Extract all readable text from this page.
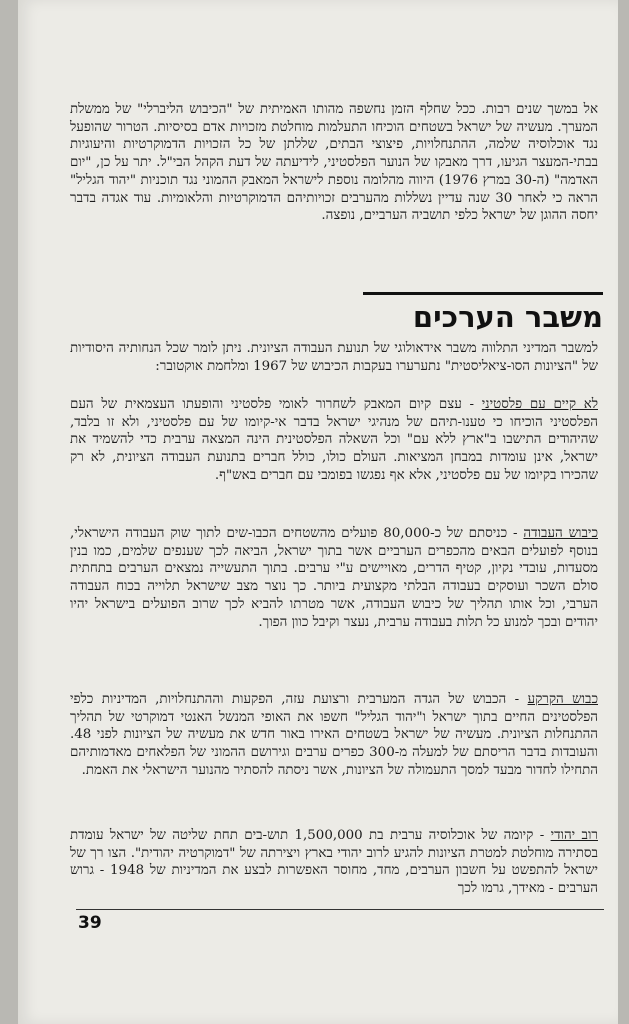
אל במשך שנים רבות. ככל שחלף הזמן נחשפה מהותו האמיתית של "הכיבוש הליברלי" של ממשלת המערך. מעשיה של ישראל בשטחים הוכיחו התעלמות מוחלטת מזכויות אדם בסיסיות. הטרור שהופעל נגד אוכלוסיה שלמה, ההתנחלויות, פיצוצי הבתים, שללתן של כל הזכויות הדמוקרטיות והיעוגיות בבתי-המעצר הגיעו, דרך מאבקו של הנוער הפלסטיני, לידיעתה של דעת הקהל הבי"ל. יתר על כן, "יום האדמה" (ה-30 במרץ 1976) היווה מהלומה נוספת לישראל המאבק ההמוני נגד תוכניות "יהוד הגליל" הראה כי לאחר 30 שנה עדיין נשללות מהערבים זכויותיהם הדמוקרטיות והלאומיות. עוד אגדה בדבר יחסה ההוגן של ישראל כלפי תושביה הערביים, נופצה.

משבר הערכים

למשבר המדיני התלווה משבר אידאולוגי של תנועת העבודה הציונית. ניתן לומר שכל הנחותיה היסודיות של "הציונות הסו-ציאליסטית" נתערערו בעקבות הכיבוש של 1967 ומלחמת אוקטובר:

לא קיים עם פלסטיני - עצם קיום המאבק לשחרור לאומי פלסטיני והופעתו העצמאית של העם הפלסטיני הוכיחו כי טענו-תיהם של מנהיגי ישראל בדבר אי-קיומו של עם פלסטיני, ולא זו בלבד, שהיהודים התישבו ב"ארץ ללא עם" וכל השאלה הפלסטינית הינה המצאה ערבית כדי להשמיד את ישראל, אינן עומדות במבחן המציאות. העולם כולו, כולל חברים בתנועת העבודה הציונית, לא רק שהכירו בקיומו של עם פלסטיני, אלא אף נפגשו בפומבי עם חברים באש"ף.

כיבוש העבודה - כניסתם של כ-80,000 פועלים מהשטחים הכבו-שים לתוך שוק העבודה הישראלי, בנוסף לפועלים הבאים מהכפרים הערביים אשר בתוך ישראל, הביאה לכך שענפים שלמים, כמו בנין מסעדות, עובדי נקיון, קטיף הדרים, מאויישים ע"י ערבים. בתוך התעשייה נמצאים הערבים בתחתית סולם השכר ועוסקים בעבודה הבלתי מקצועית ביותר. כך נוצר מצב שישראל תלוייה בכוח העבודה הערבי, וכל אותו תהליך של כיבוש העבודה, אשר מטרתו להביא לכך שרוב הפועלים בישראל יהיו יהודים ובכך למנוע כל תלות בעבודה ערבית, נעצר וקיבל כוון הפוך.

כבוש הקרקע - הכבוש של הגדה המערבית ורצועת עזה, הפקעות וההתנחלויות, המדיניות כלפי הפלסטינים החיים בתוך ישראל ו"יהוד הגליל" חשפו את האופי המנשל האנטי דמוקרטי של תהליך ההתנחלות הציונית. מעשיה של ישראל בשטחים האירו באור חדש את מעשיה של הציונות לפני 48. והעובדות בדבר הריסתם של למעלה מ-300 כפרים ערבים וגירושם ההמוני של הפלאחים מאדמותיהם התחילו לחדור מבעד למסך התעמולה של הציונות, אשר ניסתה להסתיר מהנוער הישראלי את האמת.

רוב יהודי - קיומה של אוכלוסיה ערבית בת 1,500,000 תוש-בים תחת שליטה של ישראל עומדת בסתירה מוחלטת למטרת הציונות להגיע לרוב יהודי בארץ ויצירתה של "דמוקרטיה יהודית". הצו רך של ישראל להתפשט על חשבון הערבים, מחד, מחוסר האפשרות לבצע את המדיניות של 1948 - גרוש הערבים - מאידך, גרמו לכך

39
